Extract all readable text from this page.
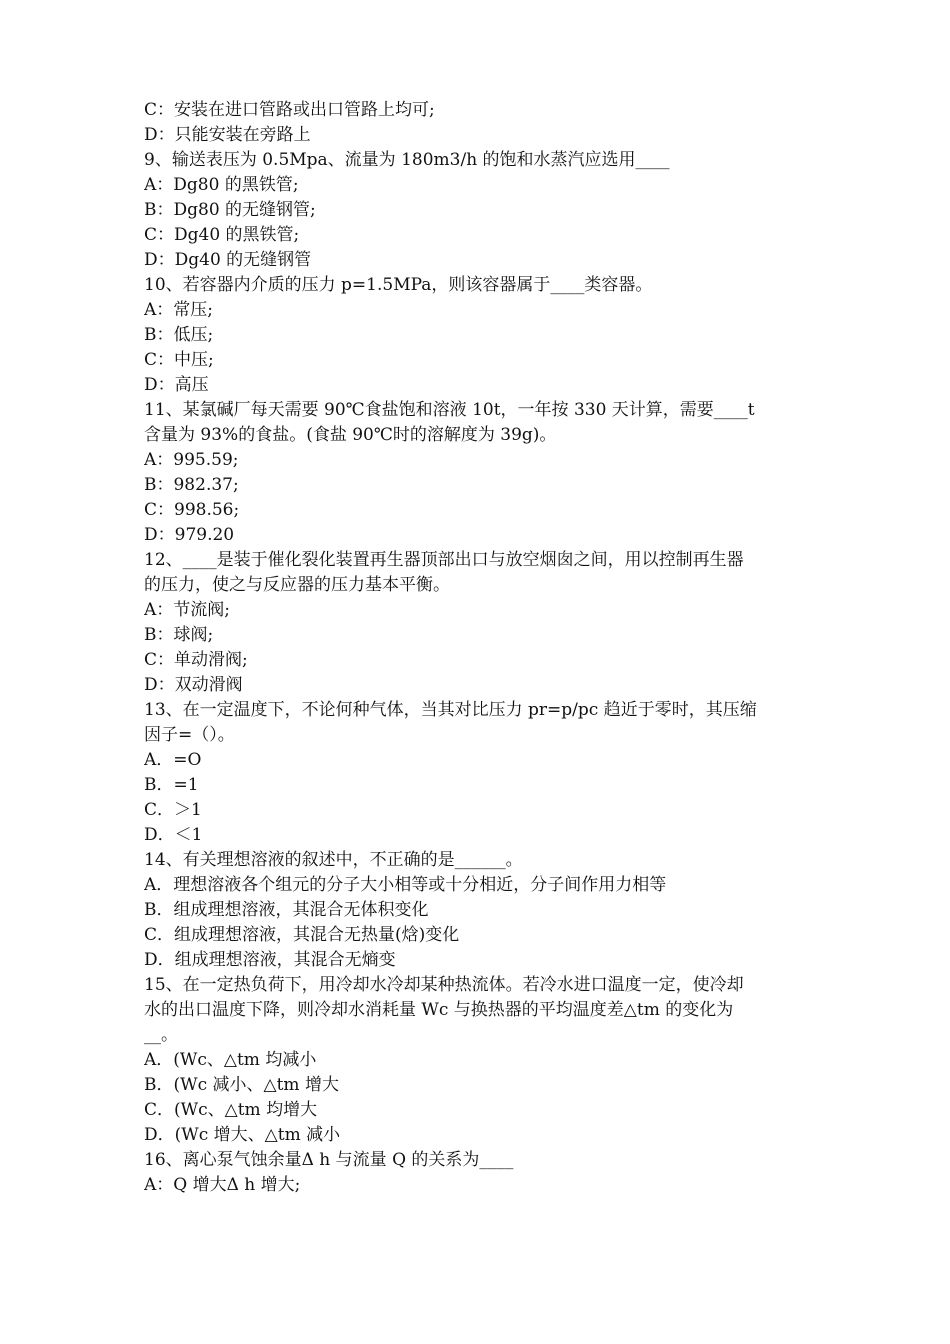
C：安装在进口管路或出口管路上均可;
D：只能安装在旁路上
9、输送表压为 0.5Mpa、流量为 180m3/h 的饱和水蒸汽应选用____
A：Dg80 的黑铁管;
B：Dg80 的无缝钢管;
C：Dg40 的黑铁管;
D：Dg40 的无缝钢管
10、若容器内介质的压力 p=1.5MPa，则该容器属于____类容器。
A：常压;
B：低压;
C：中压;
D：高压
11、某氯碱厂每天需要 90℃食盐饱和溶液 10t，一年按 330 天计算，需要____t
含量为 93%的食盐。(食盐 90℃时的溶解度为 39g)。
A：995.59;
B：982.37;
C：998.56;
D：979.20
12、____是装于催化裂化装置再生器顶部出口与放空烟囱之间，用以控制再生器
的压力，使之与反应器的压力基本平衡。
A：节流阀;
B：球阀;
C：单动滑阀;
D：双动滑阀
13、在一定温度下，不论何种气体，当其对比压力 pr=p/pc 趋近于零时，其压缩
因子=（）。
A．=O
B．=1
C．＞1
D．＜1
14、有关理想溶液的叙述中，不正确的是______。
A．理想溶液各个组元的分子大小相等或十分相近，分子间作用力相等
B．组成理想溶液，其混合无体积变化
C．组成理想溶液，其混合无热量(焓)变化
D．组成理想溶液，其混合无熵变
15、在一定热负荷下，用冷却水冷却某种热流体。若冷水进口温度一定，使冷却
水的出口温度下降，则冷却水消耗量 Wc 与换热器的平均温度差△tm 的变化为
__。
A．(Wc、△tm 均减小
B．(Wc 减小、△tm 增大
C．(Wc、△tm 均增大
D．(Wc 增大、△tm 减小
16、离心泵气蚀余量Δ h 与流量 Q 的关系为____
A：Q 增大Δ h 增大;
